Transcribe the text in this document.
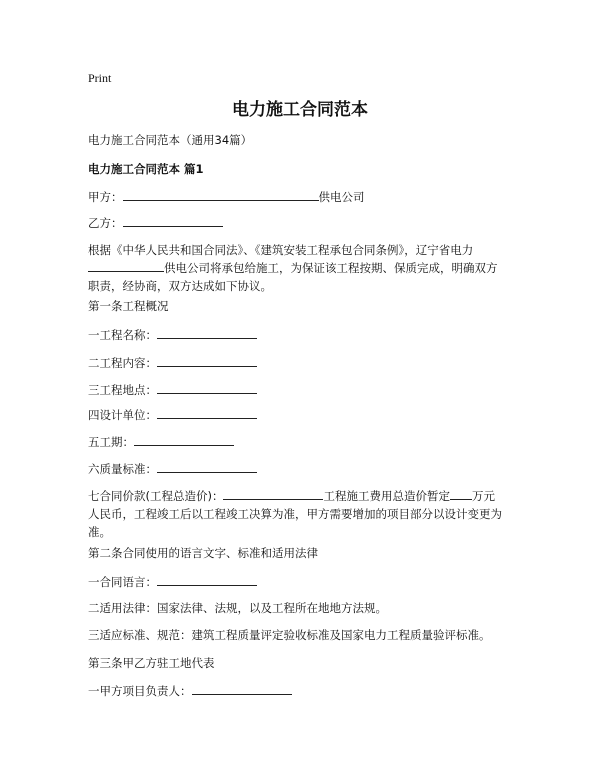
Print
电力施工合同范本
电力施工合同范本（通用34篇）
电力施工合同范本 篇1
甲方：	供电公司
乙方：
根据《中华人民共和国合同法》、《建筑安装工程承包合同条例》，辽宁省电力
供电公司将承包给施工，为保证该工程按期、保质完成，明确双方
职责，经协商，双方达成如下协议。
第一条工程概况
一工程名称：
二工程内容：
三工程地点：
四设计单位：
五工期：
六质量标准：
七合同价款(工程总造价)：	工程施工费用总造价暂定 万元
人民币，工程竣工后以工程竣工决算为准，甲方需要增加的项目部分以设计变更为
准。
第二条合同使用的语言文字、标准和适用法律
一合同语言：
二适用法律：国家法律、法规，以及工程所在地地方法规。
三适应标准、规范：建筑工程质量评定验收标准及国家电力工程质量验评标准。
第三条甲乙方驻工地代表
一甲方项目负责人：
